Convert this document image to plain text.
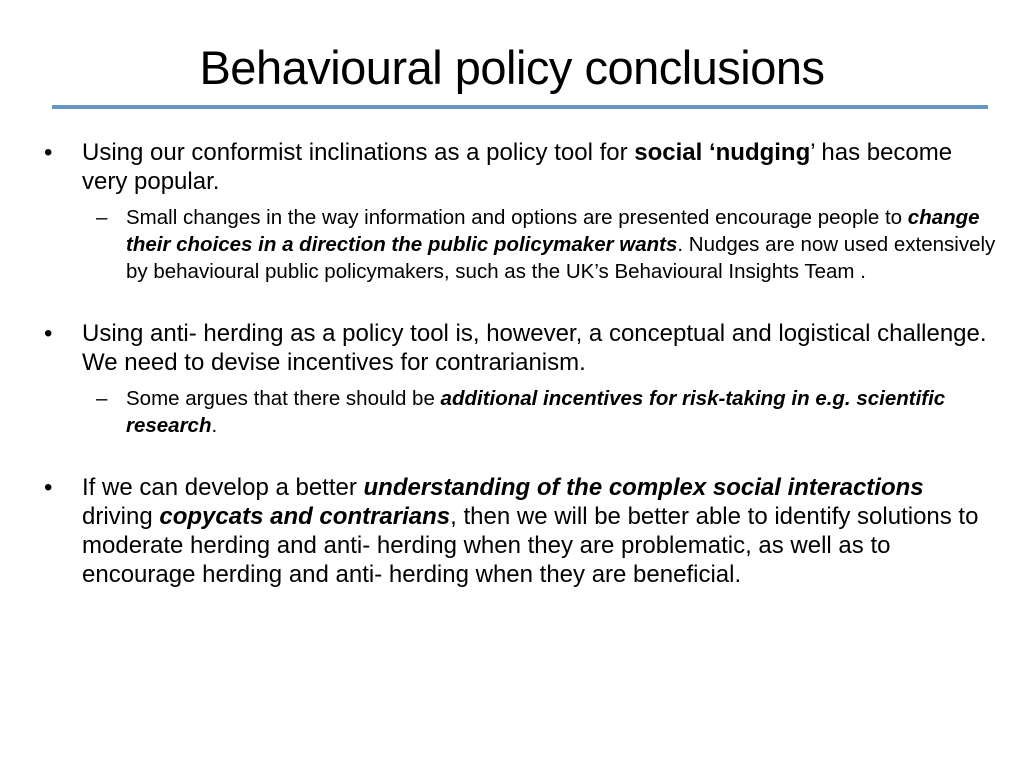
Behavioural policy conclusions

• Using our conformist inclinations as a policy tool for social ‘nudging’ has become very popular.

– Small changes in the way information and options are presented encourage people to change their choices in a direction the public policymaker wants. Nudges are now used extensively by behavioural public policymakers, such as the UK’s Behavioural Insights Team .

• Using anti- herding as a policy tool is, however, a conceptual and logistical challenge. We need to devise incentives for contrarianism.

– Some argues that there should be additional incentives for risk-taking in e.g. scientific research.

• If we can develop a better understanding of the complex social interactions driving copycats and contrarians, then we will be better able to identify solutions to moderate herding and anti- herding when they are problematic, as well as to encourage herding and anti- herding when they are beneficial.
